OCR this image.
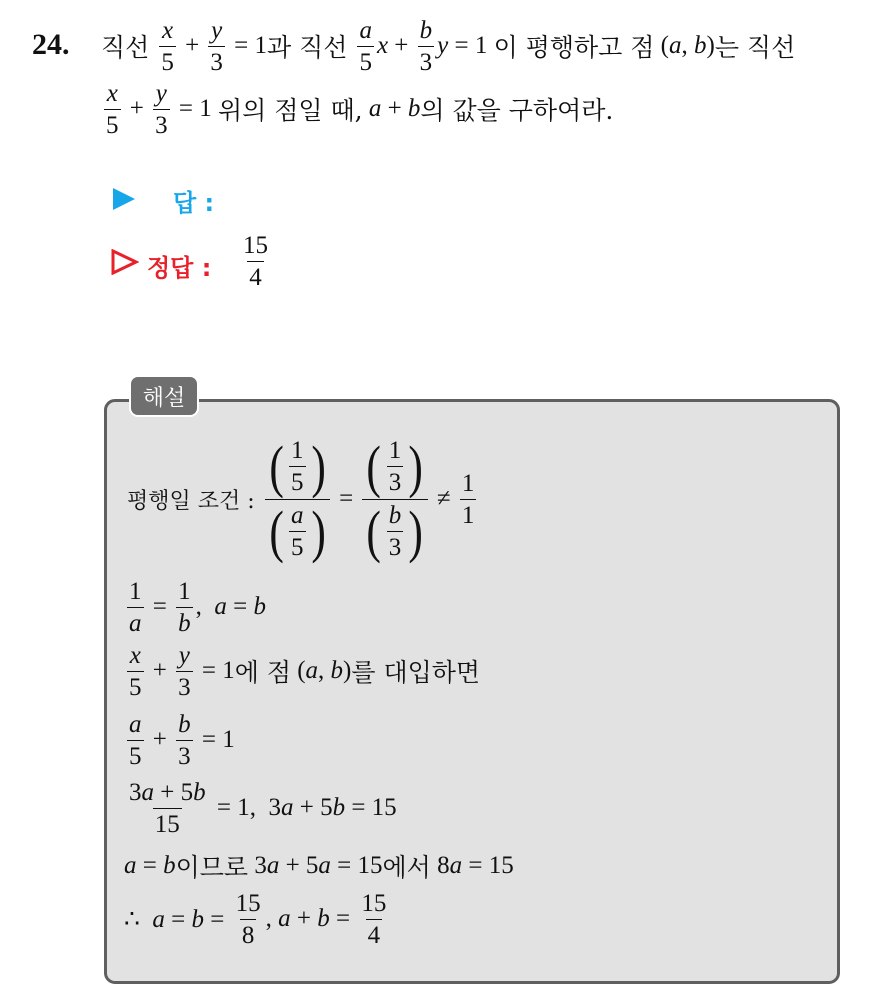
24. 직선 $\frac{x}{5} + \frac{y}{3} = 1$ 과 직선 $\frac{a}{5}$ $x + \frac{b}{3}$ y = 1 이 평행하고 점 (a, b) 는 직선
$\frac{x}{5} + \frac{y}{3} = 1$ 위의 점일 때, a + b 의 값을 구하여라.
답 :
정답 : $\frac{15}{4}$
해설
평행일 조건 : $\frac{( \frac{1}{5} )}{( \frac{a}{5} )} = \frac{( \frac{1}{3} )}{( \frac{b}{3} )} \ne \frac{1}{1}$
$\frac{1}{a} = \frac{1}{b}$ ,  a = b
$\frac{x}{5} + \frac{y}{3} = 1$ 에 점 (a, b) 를 대입하면
$\frac{a}{5} + \frac{b}{3} = 1$
$\frac{3a + 5b}{15} = 1$,  3a + 5b = 15
a = b 이므로 3a + 5a = 15 에서 8a = 15
∴  $a = b = \frac{15}{8}$ , $a + b = \frac{15}{4}$
